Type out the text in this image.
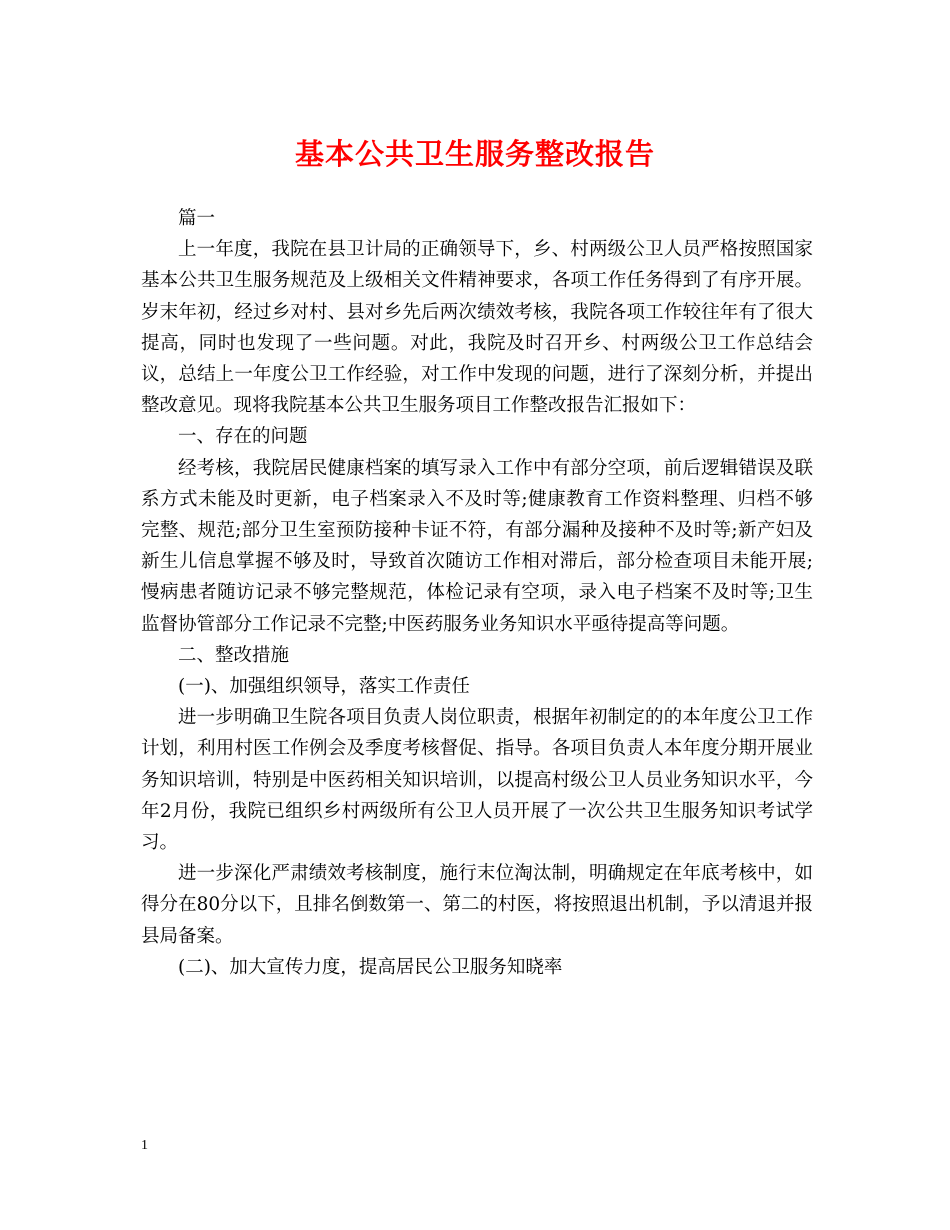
基本公共卫生服务整改报告

篇一

上一年度，我院在县卫计局的正确领导下，乡、村两级公卫人员严格按照国家基本公共卫生服务规范及上级相关文件精神要求，各项工作任务得到了有序开展。岁末年初，经过乡对村、县对乡先后两次绩效考核，我院各项工作较往年有了很大提高，同时也发现了一些问题。对此，我院及时召开乡、村两级公卫工作总结会议，总结上一年度公卫工作经验，对工作中发现的问题，进行了深刻分析，并提出整改意见。现将我院基本公共卫生服务项目工作整改报告汇报如下：

一、存在的问题

经考核，我院居民健康档案的填写录入工作中有部分空项，前后逻辑错误及联系方式未能及时更新，电子档案录入不及时等;健康教育工作资料整理、归档不够完整、规范;部分卫生室预防接种卡证不符，有部分漏种及接种不及时等;新产妇及新生儿信息掌握不够及时，导致首次随访工作相对滞后，部分检查项目未能开展;慢病患者随访记录不够完整规范，体检记录有空项，录入电子档案不及时等;卫生监督协管部分工作记录不完整;中医药服务业务知识水平亟待提高等问题。

二、整改措施

(一)、加强组织领导，落实工作责任

进一步明确卫生院各项目负责人岗位职责，根据年初制定的的本年度公卫工作计划，利用村医工作例会及季度考核督促、指导。各项目负责人本年度分期开展业务知识培训，特别是中医药相关知识培训，以提高村级公卫人员业务知识水平，今年2月份，我院已组织乡村两级所有公卫人员开展了一次公共卫生服务知识考试学习。

进一步深化严肃绩效考核制度，施行末位淘汰制，明确规定在年底考核中，如得分在80分以下，且排名倒数第一、第二的村医，将按照退出机制，予以清退并报县局备案。

(二)、加大宣传力度，提高居民公卫服务知晓率

1
